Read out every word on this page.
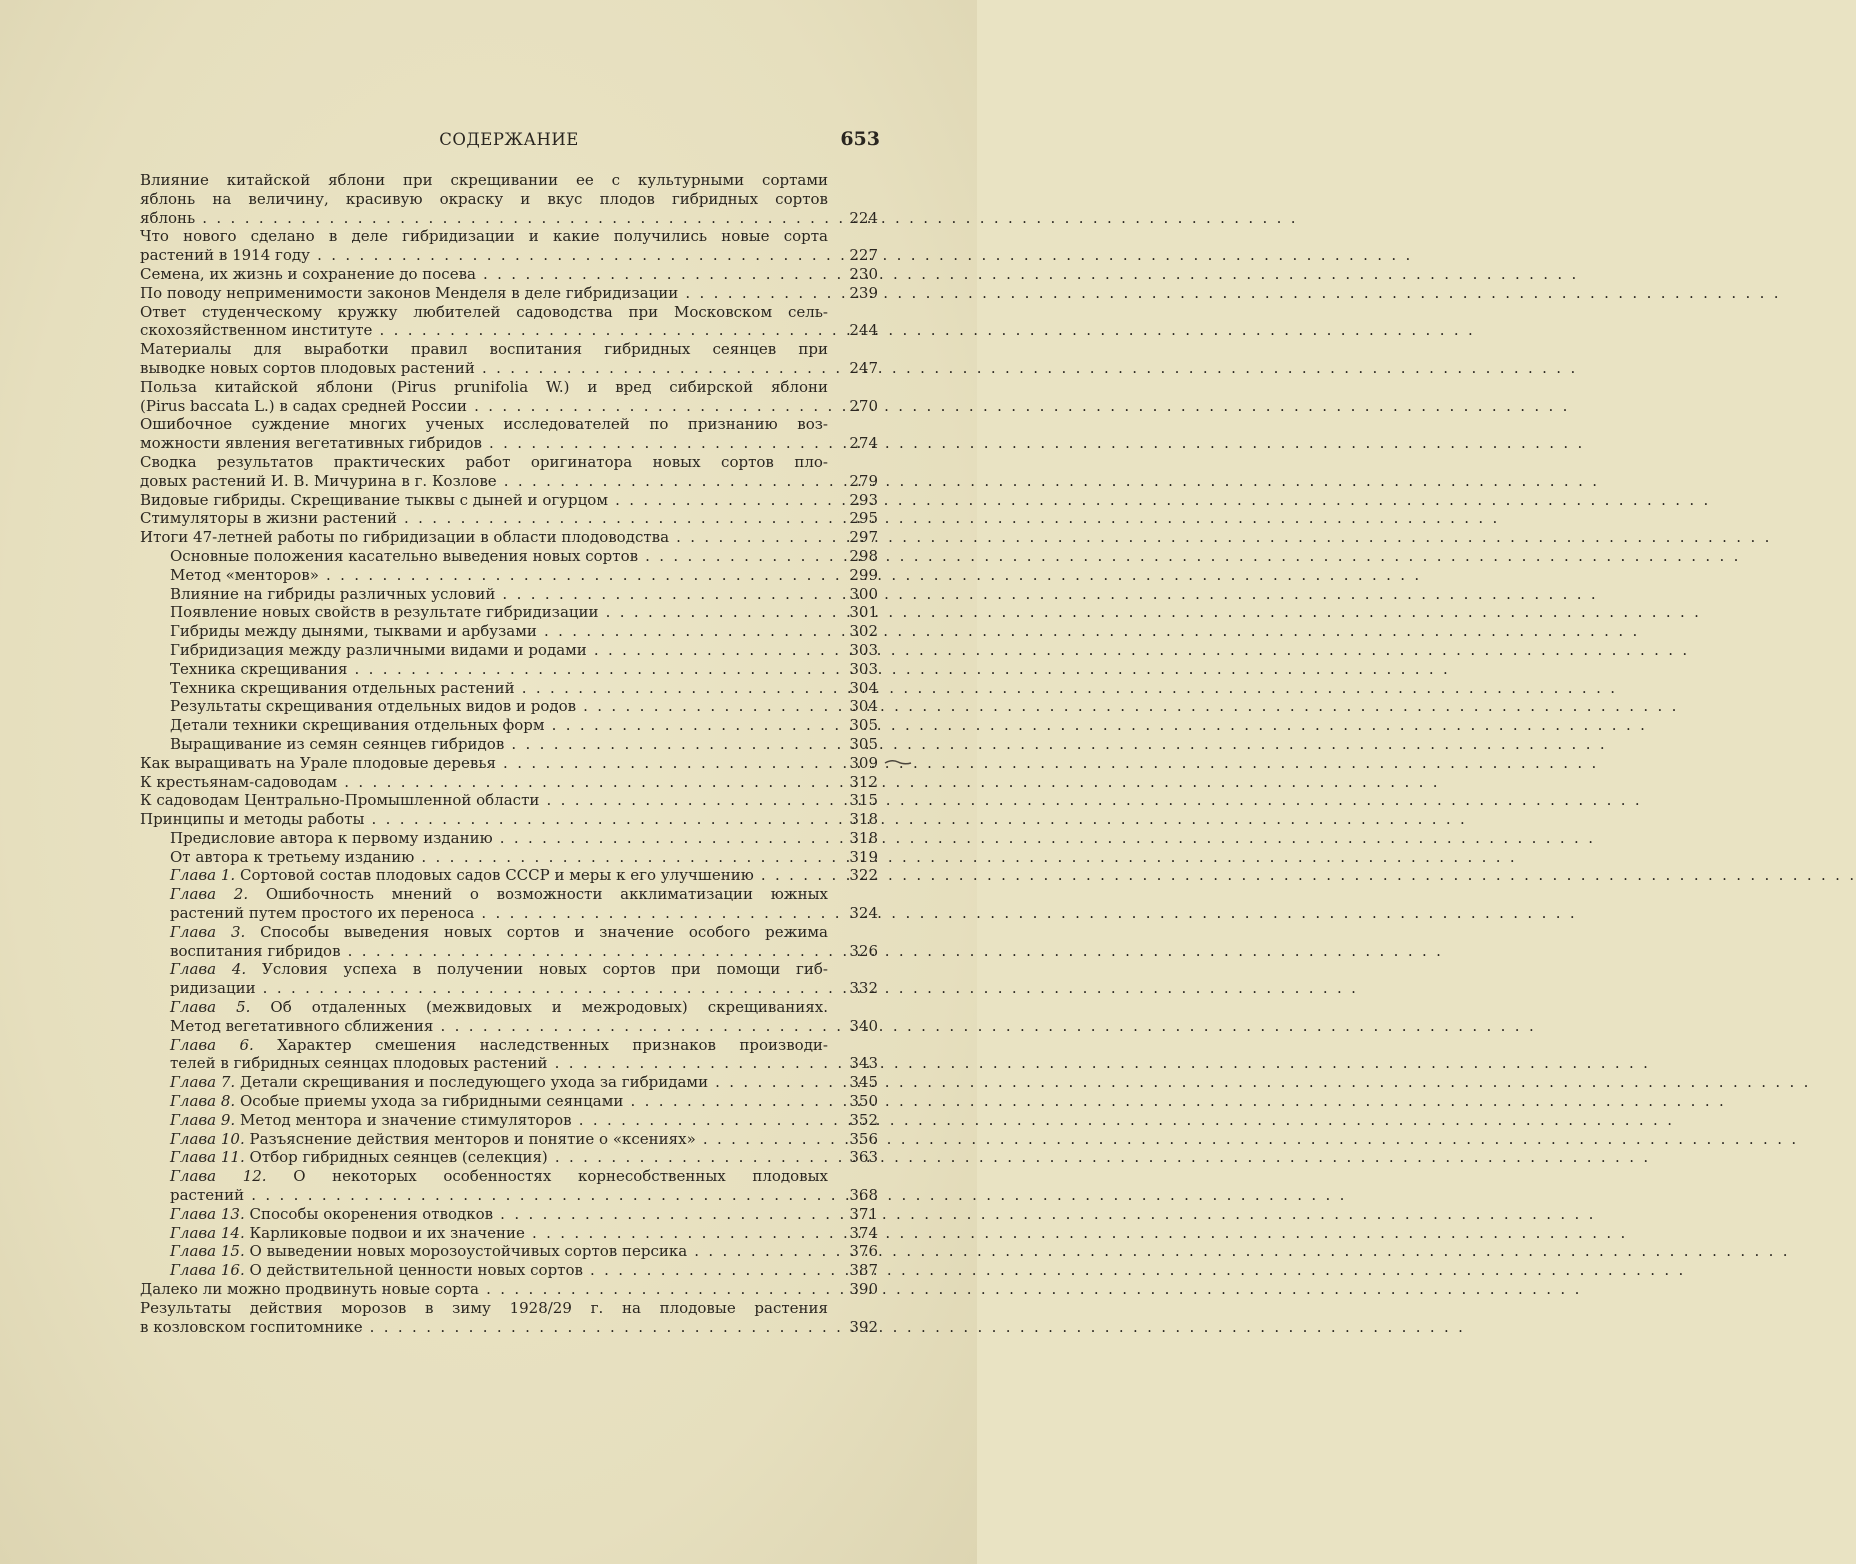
СОДЕРЖАНИЕ	653
Влияние китайской яблони при скрещивании ее с культурными сортами
яблонь на величину, красивую окраску и вкус плодов гибридных сортов
яблонь . . .	224
Что нового сделано в деле гибридизации и какие получились новые сорта
растений в 1914 году . . .	227
Семена, их жизнь и сохранение до посева . . .	230
По поводу неприменимости законов Менделя в деле гибридизации . . .	239
Ответ студенческому кружку любителей садоводства при Московском сель-
скохозяйственном институте . . .	244
Материалы для выработки правил воспитания гибридных сеянцев при
выводке новых сортов плодовых растений . . .	247
Польза китайской яблони (Pirus prunifolia W.) и вред сибирской яблони
(Pirus baccata L.) в садах средней России . . .	270
Ошибочное суждение многих ученых исследователей по признанию воз-
можности явления вегетативных гибридов . . .	274
Сводка результатов практических работ оригинатора новых сортов пло-
довых растений И. В. Мичурина в г. Козлове . . .	279
Видовые гибриды. Скрещивание тыквы с дыней и огурцом . . .	293
Стимуляторы в жизни растений . . .	295
Итоги 47-летней работы по гибридизации в области плодоводства . . .	297
Основные положения касательно выведения новых сортов . . .	298
Метод «менторов» . . .	299
Влияние на гибриды различных условий . . .	300
Появление новых свойств в результате гибридизации . . .	301
Гибриды между дынями, тыквами и арбузами . . .	302
Гибридизация между различными видами и родами . . .	303
Техника скрещивания . . .	303
Техника скрещивания отдельных растений . . .	304
Результаты скрещивания отдельных видов и родов . . .	304
Детали техники скрещивания отдельных форм . . .	305
Выращивание из семян сеянцев гибридов . . .	305
Как выращивать на Урале плодовые деревья . . .	309
К крестьянам-садоводам . . .	312
К садоводам Центрально-Промышленной области . . .	315
Принципы и методы работы . . .	318
Предисловие автора к первому изданию . . .	318
От автора к третьему изданию . . .	319
Глава 1. Сортовой состав плодовых садов СССР и меры к его улучшению . . .	322
Глава 2. Ошибочность мнений о возможности акклиматизации южных
растений путем простого их переноса . . .	324
Глава 3. Способы выведения новых сортов и значение особого режима
воспитания гибридов . . .	326
Глава 4. Условия успеха в получении новых сортов при помощи гиб-
ридизации . . .	332
Глава 5. Об отдаленных (межвидовых и межродовых) скрещиваниях.
Метод вегетативного сближения . . .	340
Глава 6. Характер смешения наследственных признаков производи-
телей в гибридных сеянцах плодовых растений . . .	343
Глава 7. Детали скрещивания и последующего ухода за гибридами . . .	345
Глава 8. Особые приемы ухода за гибридными сеянцами . . .	350
Глава 9. Метод ментора и значение стимуляторов . . .	352
Глава 10. Разъяснение действия менторов и понятие о «ксениях» . . .	356
Глава 11. Отбор гибридных сеянцев (селекция) . . .	363
Глава 12. О некоторых особенностях корнесобственных плодовых
растений . . .	368
Глава 13. Способы окоренения отводков . . .	371
Глава 14. Карликовые подвои и их значение . . .	374
Глава 15. О выведении новых морозоустойчивых сортов персика . . .	376
Глава 16. О действительной ценности новых сортов . . .	387
Далеко ли можно продвинуть новые сорта . . .	390
Результаты действия морозов в зиму 1928/29 г. на плодовые растения
в козловском госпитомнике . . .	392
